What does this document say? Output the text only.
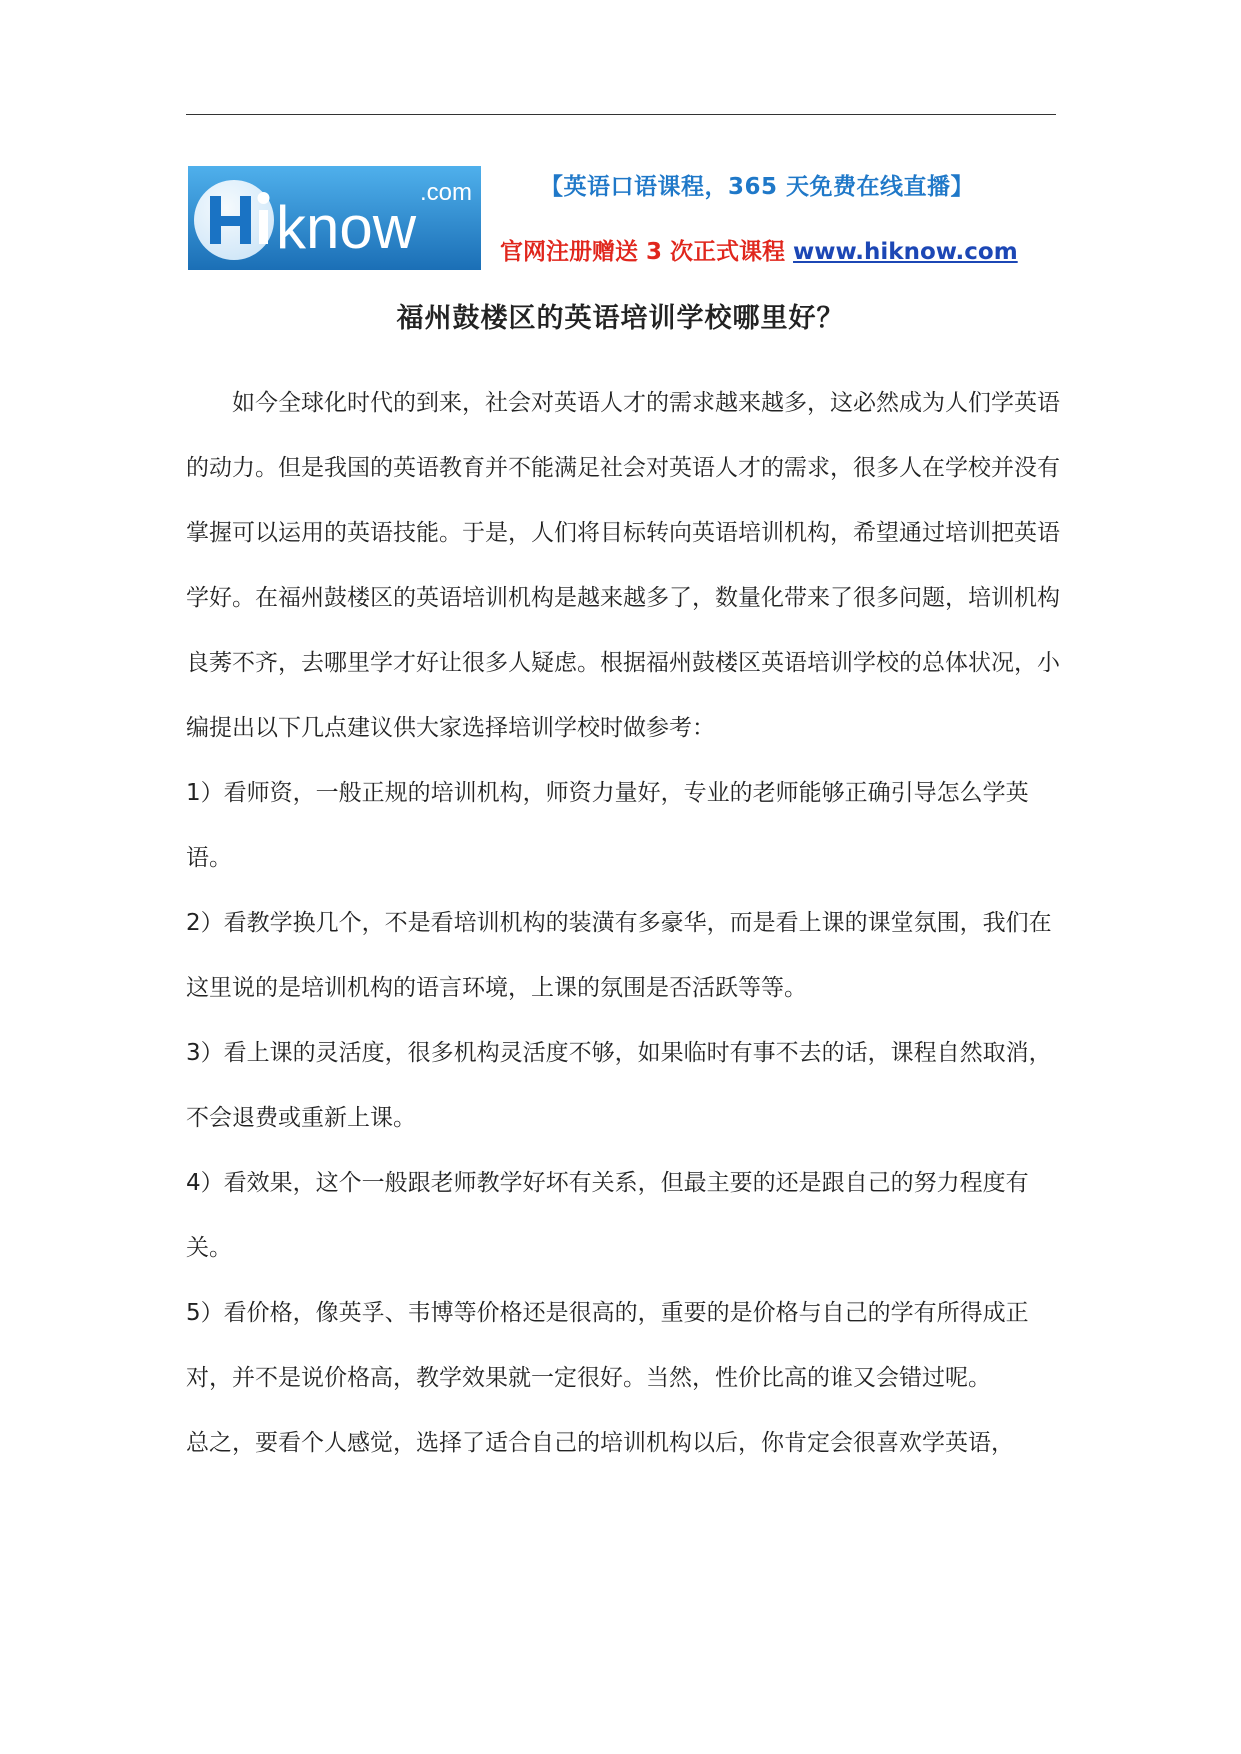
know
.com	【英语口语课程，365 天免费在线直播】
官网注册赠送 3 次正式课程 www.hiknow.com
福州鼓楼区的英语培训学校哪里好？

如今全球化时代的到来，社会对英语人才的需求越来越多，这必然成为人们学英语的动力。但是我国的英语教育并不能满足社会对英语人才的需求，很多人在学校并没有掌握可以运用的英语技能。于是，人们将目标转向英语培训机构，希望通过培训把英语学好。在福州鼓楼区的英语培训机构是越来越多了，数量化带来了很多问题，培训机构良莠不齐，去哪里学才好让很多人疑虑。根据福州鼓楼区英语培训学校的总体状况，小编提出以下几点建议供大家选择培训学校时做参考：

1）看师资，一般正规的培训机构，师资力量好，专业的老师能够正确引导怎么学英语。

2）看教学换几个，不是看培训机构的装潢有多豪华，而是看上课的课堂氛围，我们在这里说的是培训机构的语言环境，上课的氛围是否活跃等等。

3）看上课的灵活度，很多机构灵活度不够，如果临时有事不去的话，课程自然取消，不会退费或重新上课。

4）看效果，这个一般跟老师教学好坏有关系，但最主要的还是跟自己的努力程度有关。

5）看价格，像英孚、韦博等价格还是很高的，重要的是价格与自己的学有所得成正对，并不是说价格高，教学效果就一定很好。当然，性价比高的谁又会错过呢。

总之，要看个人感觉，选择了适合自己的培训机构以后，你肯定会很喜欢学英语，
